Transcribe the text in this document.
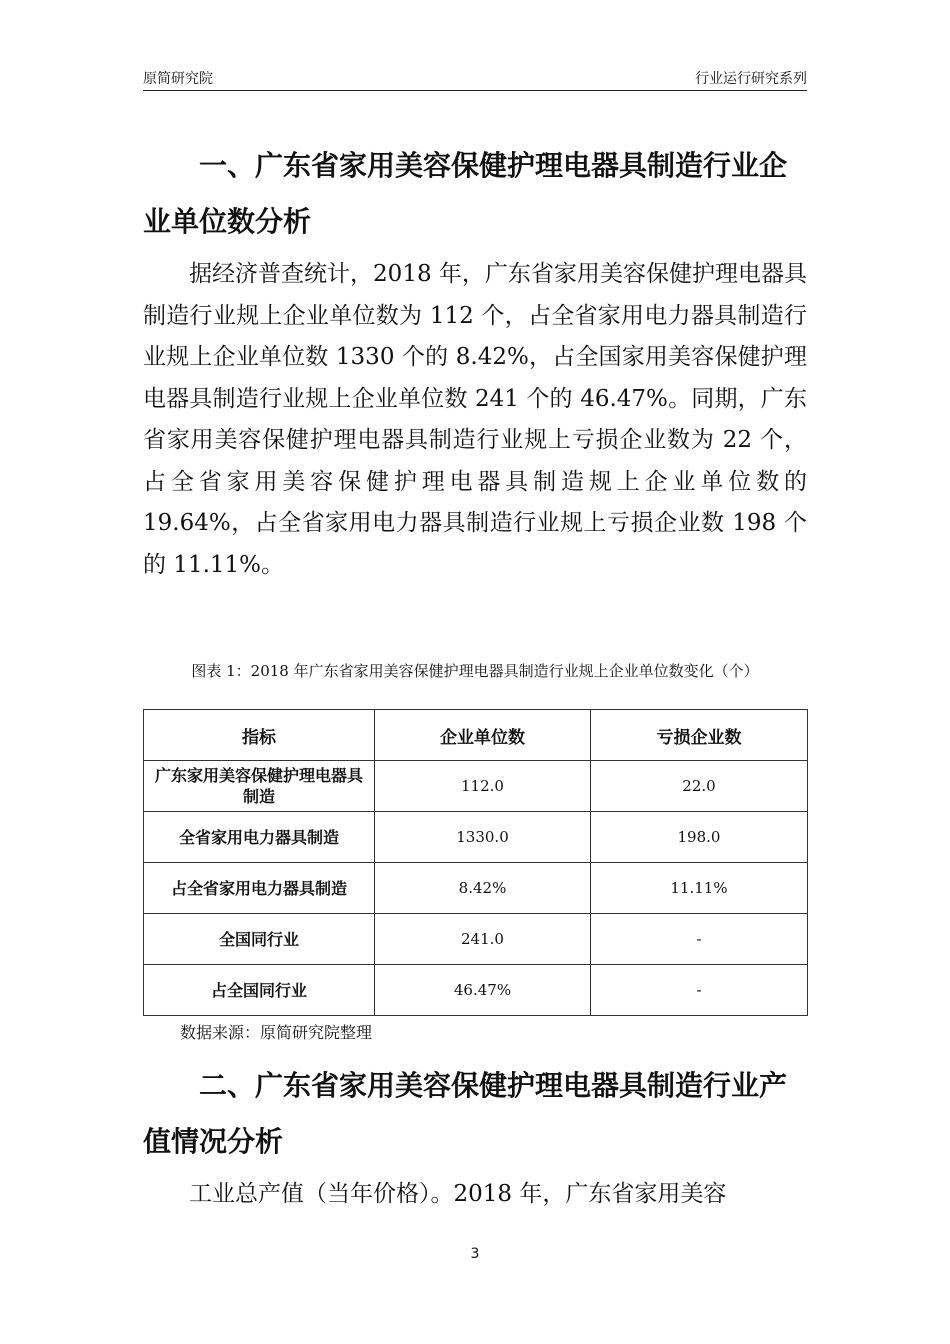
原简研究院	行业运行研究系列
一、广东省家用美容保健护理电器具制造行业企业单位数分析

据经济普查统计，2018 年，广东省家用美容保健护理电器具制造行业规上企业单位数为 112 个，占全省家用电力器具制造行业规上企业单位数 1330 个的 8.42%，占全国家用美容保健护理电器具制造行业规上企业单位数 241 个的 46.47%。同期，广东省家用美容保健护理电器具制造行业规上亏损企业数为 22 个，占全省家用美容保健护理电器具制造规上企业单位数的 19.64%，占全省家用电力器具制造行业规上亏损企业数 198 个的 11.11%。

图表 1：2018 年广东省家用美容保健护理电器具制造行业规上企业单位数变化（个）
指标	企业单位数	亏损企业数
广东家用美容保健护理电器具制造	112.0	22.0
全省家用电力器具制造	1330.0	198.0
占全省家用电力器具制造	8.42%	11.11%
全国同行业	241.0	-
占全国同行业	46.47%	-
数据来源：原简研究院整理
二、广东省家用美容保健护理电器具制造行业产值情况分析

工业总产值（当年价格）。2018 年，广东省家用美容

3
